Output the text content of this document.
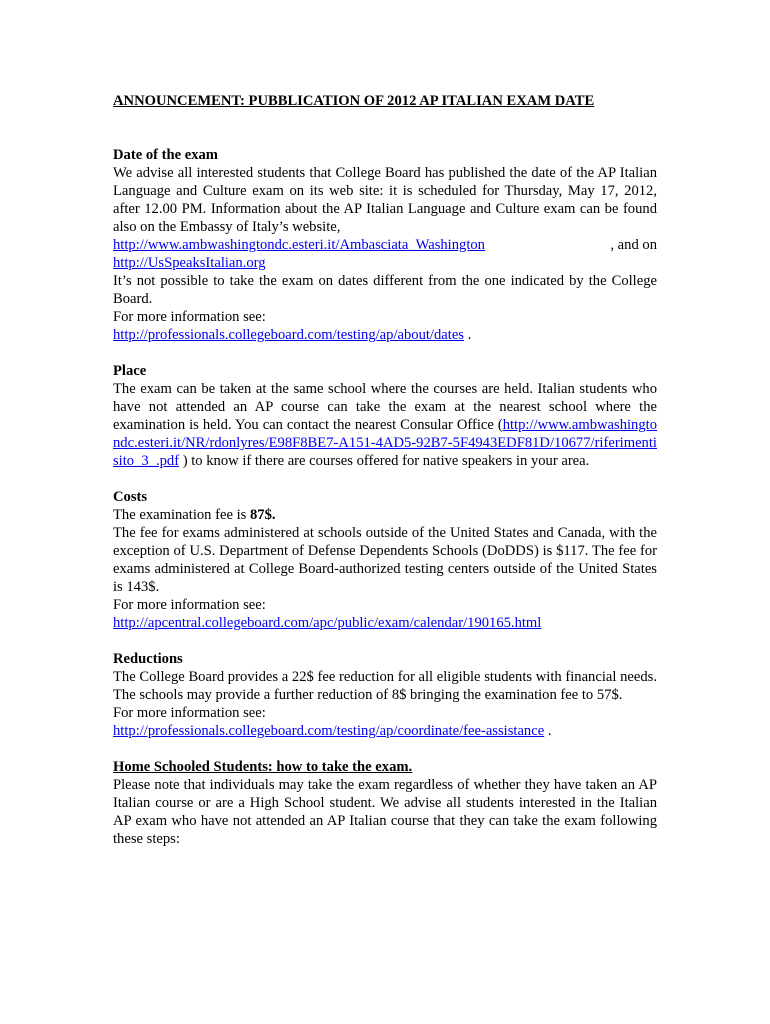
ANNOUNCEMENT: PUBBLICATION OF 2012 AP ITALIAN EXAM DATE
Date of the exam

We advise all interested students that College Board has published the date of the AP Italian Language and Culture exam on its web site: it is scheduled for Thursday, May 17, 2012, after 12.00 PM. Information about the AP Italian Language and Culture exam can be found also on the Embassy of Italy’s website,

http://www.ambwashingtondc.esteri.it/Ambasciata_Washington	, and on
http://UsSpeaksItalian.org

It’s not possible to take the exam on dates different from the one indicated by the College Board.

For more information see:
http://professionals.collegeboard.com/testing/ap/about/dates .
Place

The exam can be taken at the same school where the courses are held. Italian students who have not attended an AP course can take the exam at the nearest school where the examination is held. You can contact the nearest Consular Office (http://www.ambwashingtondc.esteri.it/NR/rdonlyres/E98F8BE7-A151-4AD5-92B7-5F4943EDF81D/10677/riferimentisito_3_.pdf ) to know if there are courses offered for native speakers in your area.

Costs
The examination fee is 87$.

The fee for exams administered at schools outside of the United States and Canada, with the exception of U.S. Department of Defense Dependents Schools (DoDDS) is $117. The fee for exams administered at College Board-authorized testing centers outside of the United States is 143$.

For more information see:
http://apcentral.collegeboard.com/apc/public/exam/calendar/190165.html
Reductions

The College Board provides a 22$ fee reduction for all eligible students with financial needs. The schools may provide a further reduction of 8$ bringing the examination fee to 57$.

For more information see:
http://professionals.collegeboard.com/testing/ap/coordinate/fee-assistance .
Home Schooled Students: how to take the exam.

Please note that individuals may take the exam regardless of whether they have taken an AP Italian course or are a High School student. We advise all students interested in the Italian AP exam who have not attended an AP Italian course that they can take the exam following these steps:
